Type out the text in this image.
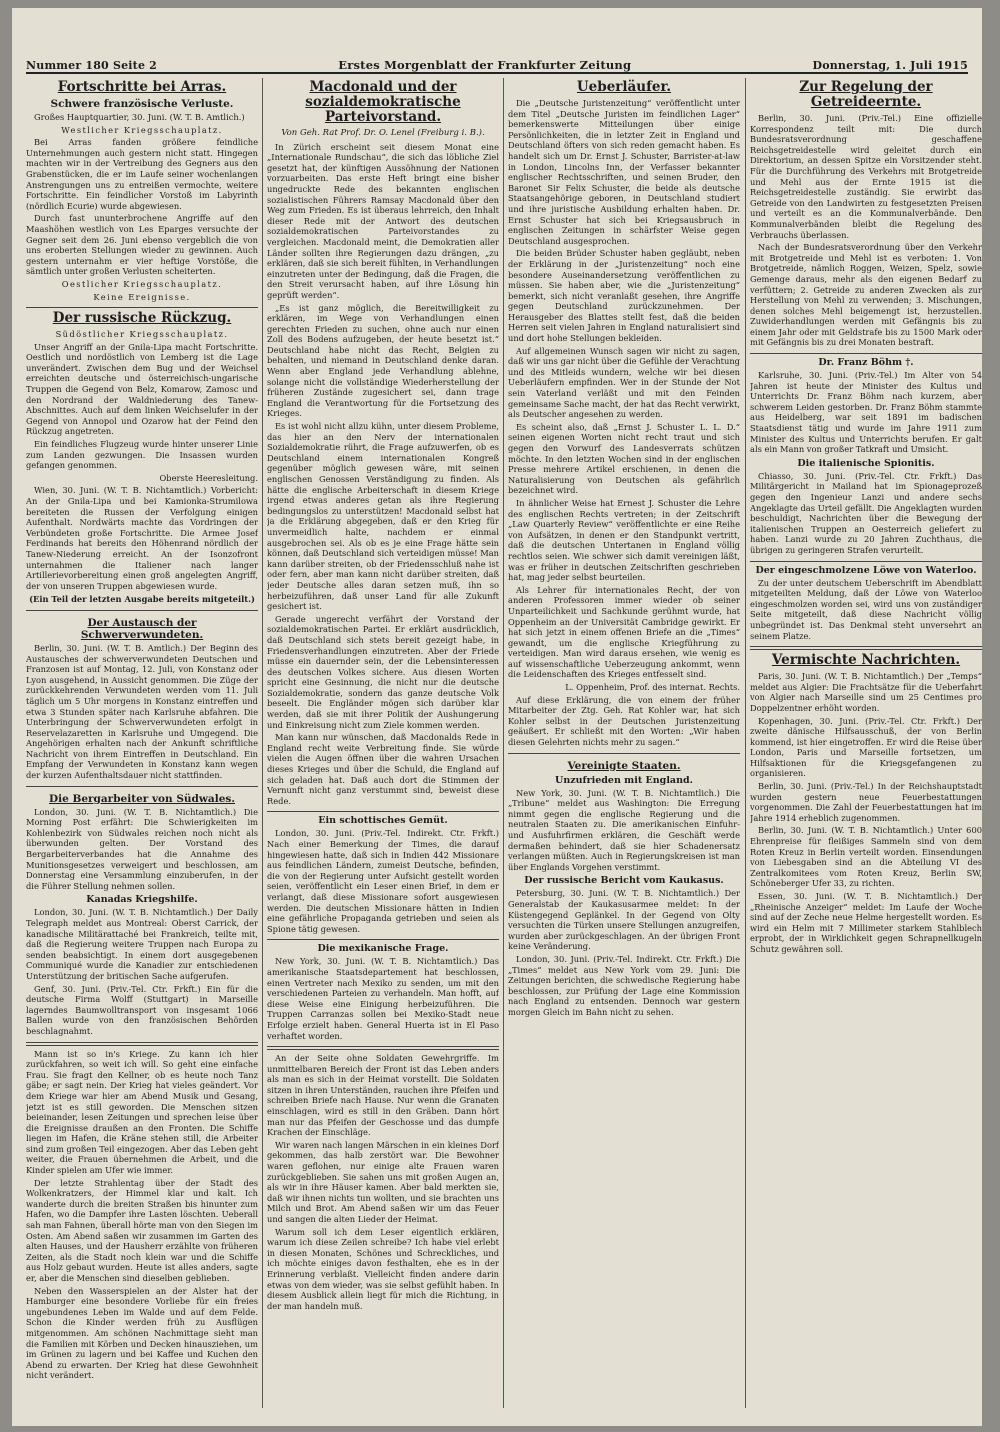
Nummer 180 Seite 2	Erstes Morgenblatt der Frankfurter Zeitung	Donnerstag, 1. Juli 1915
Fortschritte bei Arras.
Schwere französische Verluste.

Großes Hauptquartier, 30. Juni. (W. T. B. Amtlich.)

Westlicher Kriegsschauplatz.

Bei Arras fanden größere feindliche Unternehmungen auch gestern nicht statt. Hingegen machten wir in der Vertreibung des Gegners aus den Grabenstücken, die er im Laufe seiner wochenlangen Anstrengungen uns zu entreißen vermochte, weitere Fortschritte. Ein feindlicher Vorstoß im Labyrinth (nördlich Ecurie) wurde abgewiesen.

Durch fast ununterbrochene Angriffe auf den Maashöhen westlich von Les Eparges versuchte der Gegner seit dem 26. Juni ebenso vergeblich die von uns eroberten Stellungen wieder zu gewinnen. Auch gestern unternahm er vier heftige Vorstöße, die sämtlich unter großen Verlusten scheiterten.

Oestlicher Kriegsschauplatz.
Keine Ereignisse.
Der russische Rückzug.
Südöstlicher Kriegsschauplatz.

Unser Angriff an der Gnila-Lipa macht Fortschritte. Oestlich und nordöstlich von Lemberg ist die Lage unverändert. Zwischen dem Bug und der Weichsel erreichten deutsche und österreichisch-ungarische Truppen die Gegend von Belz, Komarow, Zamosc und den Nordrand der Waldniederung des Tanew-Abschnittes. Auch auf dem linken Weichselufer in der Gegend von Annopol und Ozarow hat der Feind den Rückzug angetreten.

Ein feindliches Flugzeug wurde hinter unserer Linie zum Landen gezwungen. Die Insassen wurden gefangen genommen.

Oberste Heeresleitung.

Wien, 30. Juni. (W. T. B. Nichtamtlich.) Vorbericht: An der Gnila-Lipa und bei Kamionka-Strumilowa bereiteten die Russen der Verfolgung einigen Aufenthalt. Nordwärts machte das Vordringen der Verbündeten große Fortschritte. Die Armee Josef Ferdinands hat bereits den Höhenrand nördlich der Tanew-Niederung erreicht. An der Isonzofront unternahmen die Italiener nach langer Artillerievorbereitung einen groß angelegten Angriff, der von unseren Truppen abgewiesen wurde.

(Ein Teil der letzten Ausgabe bereits mitgeteilt.)
Der Austausch der Schwerverwundeten.

Berlin, 30. Juni. (W. T. B. Amtlich.) Der Beginn des Austausches der schwerverwundeten Deutschen und Franzosen ist auf Montag, 12. Juli, von Konstanz oder Lyon ausgehend, in Aussicht genommen. Die Züge der zurückkehrenden Verwundeten werden vom 11. Juli täglich um 5 Uhr morgens in Konstanz eintreffen und etwa 3 Stunden später nach Karlsruhe abfahren. Die Unterbringung der Schwerverwundeten erfolgt in Reservelazaretten in Karlsruhe und Umgegend. Die Angehörigen erhalten nach der Ankunft schriftliche Nachricht von ihrem Eintreffen in Deutschland. Ein Empfang der Verwundeten in Konstanz kann wegen der kurzen Aufenthaltsdauer nicht stattfinden.

Die Bergarbeiter von Südwales.

London, 30. Juni. (W. T. B. Nichtamtlich.) Die Morning Post erfährt: Die Schwierigkeiten im Kohlenbezirk von Südwales reichen noch nicht als überwunden gelten. Der Vorstand des Bergarbeiterverbandes hat die Annahme des Munitionsgesetzes verweigert und beschlossen, am Donnerstag eine Versammlung einzuberufen, in der die Führer Stellung nehmen sollen.

Kanadas Kriegshilfe.

London, 30. Juni. (W. T. B. Nichtamtlich.) Der Daily Telegraph meldet aus Montreal: Oberst Carrick, der kanadische Militärattaché bei Frankreich, teilte mit, daß die Regierung weitere Truppen nach Europa zu senden beabsichtigt. In einem dort ausgegebenen Communiqué wurde die Kanadier zur entschiedenen Unterstützung der britischen Sache aufgerufen.

Genf, 30. Juni. (Priv.-Tel. Ctr. Frkft.) Ein für die deutsche Firma Wolff (Stuttgart) in Marseille lagerndes Baumwolltransport von insgesamt 1066 Ballen wurde von den französischen Behörden beschlagnahmt.

Mann ist so in's Kriege. Zu kann ich hier zurückfahren, so weit ich will. So geht eine einfache Frau. Sie fragt den Kellner, ob es heute noch Tanz gäbe; er sagt nein. Der Krieg hat vieles geändert. Vor dem Kriege war hier am Abend Musik und Gesang, jetzt ist es still geworden. Die Menschen sitzen beieinander, lesen Zeitungen und sprechen leise über die Ereignisse draußen an den Fronten. Die Schiffe liegen im Hafen, die Kräne stehen still, die Arbeiter sind zum großen Teil eingezogen. Aber das Leben geht weiter, die Frauen übernehmen die Arbeit, und die Kinder spielen am Ufer wie immer.

Der letzte Strahlentag über der Stadt des Wolkenkratzers, der Himmel klar und kalt. Ich wanderte durch die breiten Straßen bis hinunter zum Hafen, wo die Dampfer ihre Lasten löschten. Ueberall sah man Fahnen, überall hörte man von den Siegen im Osten. Am Abend saßen wir zusammen im Garten des alten Hauses, und der Hausherr erzählte von früheren Zeiten, als die Stadt noch klein war und die Schiffe aus Holz gebaut wurden. Heute ist alles anders, sagte er, aber die Menschen sind dieselben geblieben.

Neben den Wasserspielen an der Alster hat der Hamburger eine besondere Vorliebe für ein freies ungebundenes Leben im Walde und auf dem Felde. Schon die Kinder werden früh zu Ausflügen mitgenommen. Am schönen Nachmittage sieht man die Familien mit Körben und Decken hinausziehen, um im Grünen zu lagern und bei Kaffee und Kuchen den Abend zu erwarten. Der Krieg hat diese Gewohnheit nicht verändert.

Macdonald und der sozialdemokratische Parteivorstand.
Von Geh. Rat Prof. Dr. O. Lenel (Freiburg i. B.).

In Zürich erscheint seit diesem Monat eine „Internationale Rundschau“, die sich das löbliche Ziel gesetzt hat, der künftigen Aussöhnung der Nationen vorzuarbeiten. Das erste Heft bringt eine bisher ungedruckte Rede des bekannten englischen sozialistischen Führers Ramsay Macdonald über den Weg zum Frieden. Es ist überaus lehrreich, den Inhalt dieser Rede mit der Antwort des deutschen sozialdemokratischen Parteivorstandes zu vergleichen. Macdonald meint, die Demokratien aller Länder sollten ihre Regierungen dazu drängen, „zu erklären, daß sie sich bereit fühlten, in Verhandlungen einzutreten unter der Bedingung, daß die Fragen, die den Streit verursacht haben, auf ihre Lösung hin geprüft werden“.

„Es ist ganz möglich, die Bereitwilligkeit zu erklären, im Wege von Verhandlungen einen gerechten Frieden zu suchen, ohne auch nur einen Zoll des Bodens aufzugeben, der heute besetzt ist.“ Deutschland habe nicht das Recht, Belgien zu behalten, und niemand in Deutschland denke daran. Wenn aber England jede Verhandlung ablehne, solange nicht die vollständige Wiederherstellung der früheren Zustände zugesichert sei, dann trage England die Verantwortung für die Fortsetzung des Krieges.

Es ist wohl nicht allzu kühn, unter diesem Probleme, das hier an den Nerv der internationalen Sozialdemokratie rührt, die Frage aufzuwerfen, ob es Deutschland einem internationalen Kongreß gegenüber möglich gewesen wäre, mit seinen englischen Genossen Verständigung zu finden. Als hätte die englische Arbeiterschaft in diesem Kriege irgend etwas anderes getan als ihre Regierung bedingungslos zu unterstützen! Macdonald selbst hat ja die Erklärung abgegeben, daß er den Krieg für unvermeidlich halte, nachdem er einmal ausgebrochen sei. Als ob es je eine Frage hätte sein können, daß Deutschland sich verteidigen müsse! Man kann darüber streiten, ob der Friedensschluß nahe ist oder fern, aber man kann nicht darüber streiten, daß jeder Deutsche alles daran setzen muß, ihn so herbeizuführen, daß unser Land für alle Zukunft gesichert ist.

Gerade ungerecht verfährt der Vorstand der sozialdemokratischen Partei. Er erklärt ausdrücklich, daß Deutschland sich stets bereit gezeigt habe, in Friedensverhandlungen einzutreten. Aber der Friede müsse ein dauernder sein, der die Lebensinteressen des deutschen Volkes sichere. Aus diesen Worten spricht eine Gesinnung, die nicht nur die deutsche Sozialdemokratie, sondern das ganze deutsche Volk beseelt. Die Engländer mögen sich darüber klar werden, daß sie mit ihrer Politik der Aushungerung und Einkreisung nicht zum Ziele kommen werden.

Man kann nur wünschen, daß Macdonalds Rede in England recht weite Verbreitung finde. Sie würde vielen die Augen öffnen über die wahren Ursachen dieses Krieges und über die Schuld, die England auf sich geladen hat. Daß auch dort die Stimmen der Vernunft nicht ganz verstummt sind, beweist diese Rede.

Ein schottisches Gemüt.

London, 30. Juni. (Priv.-Tel. Indirekt. Ctr. Frkft.) Nach einer Bemerkung der Times, die darauf hingewiesen hatte, daß sich in Indien 442 Missionare aus feindlichen Ländern, zumeist Deutsche, befinden, die von der Regierung unter Aufsicht gestellt worden seien, veröffentlicht ein Leser einen Brief, in dem er verlangt, daß diese Missionare sofort ausgewiesen werden. Die deutschen Missionare hätten in Indien eine gefährliche Propaganda getrieben und seien als Spione tätig gewesen.

Die mexikanische Frage.

New York, 30. Juni. (W. T. B. Nichtamtlich.) Das amerikanische Staatsdepartement hat beschlossen, einen Vertreter nach Mexiko zu senden, um mit den verschiedenen Parteien zu verhandeln. Man hofft, auf diese Weise eine Einigung herbeizuführen. Die Truppen Carranzas sollen bei Mexiko-Stadt neue Erfolge erzielt haben. General Huerta ist in El Paso verhaftet worden.

An der Seite ohne Soldaten Gewehrgriffe. Im unmittelbaren Bereich der Front ist das Leben anders als man es sich in der Heimat vorstellt. Die Soldaten sitzen in ihren Unterständen, rauchen ihre Pfeifen und schreiben Briefe nach Hause. Nur wenn die Granaten einschlagen, wird es still in den Gräben. Dann hört man nur das Pfeifen der Geschosse und das dumpfe Krachen der Einschläge.

Wir waren nach langen Märschen in ein kleines Dorf gekommen, das halb zerstört war. Die Bewohner waren geflohen, nur einige alte Frauen waren zurückgeblieben. Sie sahen uns mit großen Augen an, als wir in ihre Häuser kamen. Aber bald merkten sie, daß wir ihnen nichts tun wollten, und sie brachten uns Milch und Brot. Am Abend saßen wir um das Feuer und sangen die alten Lieder der Heimat.

Warum soll ich dem Leser eigentlich erklären, warum ich diese Zeilen schreibe? Ich habe viel erlebt in diesen Monaten, Schönes und Schreckliches, und ich möchte einiges davon festhalten, ehe es in der Erinnerung verblaßt. Vielleicht finden andere darin etwas von dem wieder, was sie selbst gefühlt haben. In diesem Ausblick allein liegt für mich die Richtung, in der man handeln muß.

Ueberläufer.

Die „Deutsche Juristenzeitung“ veröffentlicht unter dem Titel „Deutsche Juristen im feindlichen Lager“ bemerkenswerte Mitteilungen über einige Persönlichkeiten, die in letzter Zeit in England und Deutschland öfters von sich reden gemacht haben. Es handelt sich um Dr. Ernst J. Schuster, Barrister-at-law in London, Lincolns Inn, der Verfasser bekannter englischer Rechtsschriften, und seinen Bruder, den Baronet Sir Felix Schuster, die beide als deutsche Staatsangehörige geboren, in Deutschland studiert und ihre juristische Ausbildung erhalten haben. Dr. Ernst Schuster hat sich bei Kriegsausbruch in englischen Zeitungen in schärfster Weise gegen Deutschland ausgesprochen.

Die beiden Brüder Schuster haben gegläubt, neben der Erklärung in der „Juristenzeitung“ noch eine besondere Auseinandersetzung veröffentlichen zu müssen. Sie haben aber, wie die „Juristenzeitung“ bemerkt, sich nicht veranlaßt gesehen, ihre Angriffe gegen Deutschland zurückzunehmen. Der Herausgeber des Blattes stellt fest, daß die beiden Herren seit vielen Jahren in England naturalisiert sind und dort hohe Stellungen bekleiden.

Auf allgemeinen Wunsch sagen wir nicht zu sagen, daß wir uns gar nicht über die Gefühle der Verachtung und des Mitleids wundern, welche wir bei diesen Ueberläufern empfinden. Wer in der Stunde der Not sein Vaterland verläßt und mit den Feinden gemeinsame Sache macht, der hat das Recht verwirkt, als Deutscher angesehen zu werden.

Es scheint also, daß „Ernst J. Schuster L. L. D.“ seinen eigenen Worten nicht recht traut und sich gegen den Vorwurf des Landesverrats schützen möchte. In den letzten Wochen sind in der englischen Presse mehrere Artikel erschienen, in denen die Naturalisierung von Deutschen als gefährlich bezeichnet wird.

In ähnlicher Weise hat Ernest J. Schuster die Lehre des englischen Rechts vertreten; in der Zeitschrift „Law Quarterly Review“ veröffentlichte er eine Reihe von Aufsätzen, in denen er den Standpunkt vertritt, daß die deutschen Untertanen in England völlig rechtlos seien. Wie schwer sich damit vereinigen läßt, was er früher in deutschen Zeitschriften geschrieben hat, mag jeder selbst beurteilen.

Als Lehrer für internationales Recht, der von anderen Professoren immer wieder ob seiner Unparteilichkeit und Sachkunde gerühmt wurde, hat Oppenheim an der Universität Cambridge gewirkt. Er hat sich jetzt in einem offenen Briefe an die „Times“ gewandt, um die englische Kriegführung zu verteidigen. Man wird daraus ersehen, wie wenig es auf wissenschaftliche Ueberzeugung ankommt, wenn die Leidenschaften des Krieges entfesselt sind.

L. Oppenheim, Prof. des internat. Rechts.

Auf diese Erklärung, die von einem der früher Mitarbeiter der Ztg. Geh. Rat Kohler war, hat sich Kohler selbst in der Deutschen Juristenzeitung geäußert. Er schließt mit den Worten: „Wir haben diesen Gelehrten nichts mehr zu sagen.“

Vereinigte Staaten.
Unzufrieden mit England.

New York, 30. Juni. (W. T. B. Nichtamtlich.) Die „Tribune“ meldet aus Washington: Die Erregung nimmt gegen die englische Regierung und die neutralen Staaten zu. Die amerikanischen Einfuhr- und Ausfuhrfirmen erklären, die Geschäft werde dermaßen behindert, daß sie hier Schadenersatz verlangen müßten. Auch in Regierungskreisen ist man über Englands Vorgehen verstimmt.

Der russische Bericht vom Kaukasus.

Petersburg, 30. Juni. (W. T. B. Nichtamtlich.) Der Generalstab der Kaukasusarmee meldet: In der Küstengegend Geplänkel. In der Gegend von Olty versuchten die Türken unsere Stellungen anzugreifen, wurden aber zurückgeschlagen. An der übrigen Front keine Veränderung.

London, 30. Juni. (Priv.-Tel. Indirekt. Ctr. Frkft.) Die „Times“ meldet aus New York vom 29. Juni: Die Zeitungen berichten, die schwedische Regierung habe beschlossen, zur Prüfung der Lage eine Kommission nach England zu entsenden. Dennoch war gestern morgen Gleich im Bahn nicht zu sehen.

Zur Regelung der Getreideernte.

Berlin, 30. Juni. (Priv.-Tel.) Eine offizielle Korrespondenz teilt mit: Die durch Bundesratsverordnung geschaffene Reichsgetreidestelle wird geleitet durch ein Direktorium, an dessen Spitze ein Vorsitzender steht. Für die Durchführung des Verkehrs mit Brotgetreide und Mehl aus der Ernte 1915 ist die Reichsgetreidestelle zuständig. Sie erwirbt das Getreide von den Landwirten zu festgesetzten Preisen und verteilt es an die Kommunalverbände. Den Kommunalverbänden bleibt die Regelung des Verbrauchs überlassen.

Nach der Bundesratsverordnung über den Verkehr mit Brotgetreide und Mehl ist es verboten: 1. Von Brotgetreide, nämlich Roggen, Weizen, Spelz, sowie Gemenge daraus, mehr als den eigenen Bedarf zu verfüttern; 2. Getreide zu anderen Zwecken als zur Herstellung von Mehl zu verwenden; 3. Mischungen, denen solches Mehl beigemengt ist, herzustellen. Zuwiderhandlungen werden mit Gefängnis bis zu einem Jahr oder mit Geldstrafe bis zu 1500 Mark oder mit Gefängnis bis zu drei Monaten bestraft.

Dr. Franz Böhm †.

Karlsruhe, 30. Juni. (Priv.-Tel.) Im Alter von 54 Jahren ist heute der Minister des Kultus und Unterrichts Dr. Franz Böhm nach kurzem, aber schwerem Leiden gestorben. Dr. Franz Böhm stammte aus Heidelberg, war seit 1891 im badischen Staatsdienst tätig und wurde im Jahre 1911 zum Minister des Kultus und Unterrichts berufen. Er galt als ein Mann von großer Tatkraft und Umsicht.

Die italienische Spionitis.

Chiasso, 30. Juni. (Priv.-Tel. Ctr. Frkft.) Das Militärgericht in Mailand hat im Spionageprozeß gegen den Ingenieur Lanzi und andere sechs Angeklagte das Urteil gefällt. Die Angeklagten wurden beschuldigt, Nachrichten über die Bewegung der italienischen Truppen an Oesterreich geliefert zu haben. Lanzi wurde zu 20 Jahren Zuchthaus, die übrigen zu geringeren Strafen verurteilt.

Der eingeschmolzene Löwe von Waterloo.

Zu der unter deutschem Ueberschrift im Abendblatt mitgeteilten Meldung, daß der Löwe von Waterloo eingeschmolzen worden sei, wird uns von zuständiger Seite mitgeteilt, daß diese Nachricht völlig unbegründet ist. Das Denkmal steht unversehrt an seinem Platze.

Vermischte Nachrichten.

Paris, 30. Juni. (W. T. B. Nichtamtlich.) Der „Temps“ meldet aus Algier: Die Frachtsätze für die Ueberfahrt von Algier nach Marseille sind um 25 Centimes pro Doppelzentner erhöht worden.

Kopenhagen, 30. Juni. (Priv.-Tel. Ctr. Frkft.) Der zweite dänische Hilfsausschuß, der von Berlin kommend, ist hier eingetroffen. Er wird die Reise über London, Paris und Marseille fortsetzen, um Hilfsaktionen für die Kriegsgefangenen zu organisieren.

Berlin, 30. Juni. (Priv.-Tel.) In der Reichshauptstadt wurden gestern neue Feuerbestattungen vorgenommen. Die Zahl der Feuerbestattungen hat im Jahre 1914 erheblich zugenommen.

Berlin, 30. Juni. (W. T. B. Nichtamtlich.) Unter 600 Ehrenpreise für fleißiges Sammeln sind von dem Roten Kreuz in Berlin verteilt worden. Einsendungen von Liebesgaben sind an die Abteilung VI des Zentralkomitees vom Roten Kreuz, Berlin SW, Schöneberger Ufer 33, zu richten.

Essen, 30. Juni. (W. T. B. Nichtamtlich.) Der „Rheinische Anzeiger“ meldet: Im Laufe der Woche sind auf der Zeche neue Helme hergestellt worden. Es wird ein Helm mit 7 Millimeter starkem Stahlblech erprobt, der in Wirklichkeit gegen Schrapnellkugeln Schutz gewähren soll.
